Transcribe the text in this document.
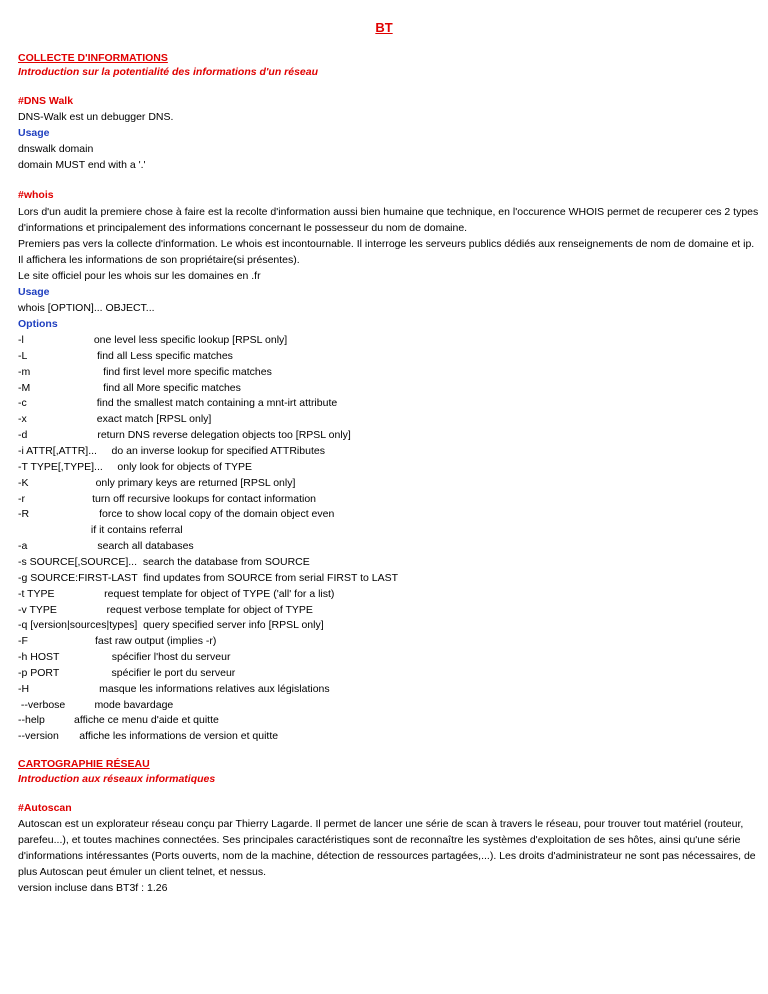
BT
COLLECTE D'INFORMATIONS
Introduction sur la potentialité des informations d'un réseau
#DNS Walk
DNS-Walk est un debugger DNS.
Usage
dnswalk domain
domain MUST end with a '.'
#whois
Lors d'un audit la premiere chose à faire est la recolte d'information aussi bien humaine que technique, en l'occurence WHOIS permet de recuperer ces 2 types
d'informations et principalement des informations concernant le possesseur du nom de domaine.
Premiers pas vers la collecte d'information. Le whois est incontournable. Il interroge les serveurs publics dédiés aux renseignements de nom de domaine et ip.
Il affichera les informations de son propriétaire(si présentes).
Le site officiel pour les whois sur les domaines en .fr
Usage
whois [OPTION]... OBJECT...
Options
-l                        one level less specific lookup [RPSL only]
-L                        find all Less specific matches
-m                         find first level more specific matches
-M                         find all More specific matches
-c                        find the smallest match containing a mnt-irt attribute
-x                        exact match [RPSL only]
-d                        return DNS reverse delegation objects too [RPSL only]
-i ATTR[,ATTR]...     do an inverse lookup for specified ATTRibutes
-T TYPE[,TYPE]...     only look for objects of TYPE
-K                       only primary keys are returned [RPSL only]
-r                       turn off recursive lookups for contact information
-R                        force to show local copy of the domain object even
if it contains referral
-a                        search all databases
-s SOURCE[,SOURCE]...  search the database from SOURCE
-g SOURCE:FIRST-LAST  find updates from SOURCE from serial FIRST to LAST
-t TYPE                 request template for object of TYPE ('all' for a list)
-v TYPE                 request verbose template for object of TYPE
-q [version|sources|types]  query specified server info [RPSL only]
-F                       fast raw output (implies -r)
-h HOST                  spécifier l'host du serveur
-p PORT                  spécifier le port du serveur
-H                        masque les informations relatives aux législations
--verbose          mode bavardage
--help          affiche ce menu d'aide et quitte
--version       affiche les informations de version et quitte
CARTOGRAPHIE RÉSEAU
Introduction aux réseaux informatiques
#Autoscan
Autoscan est un explorateur réseau conçu par Thierry Lagarde. Il permet de lancer une série de scan à travers le réseau, pour trouver tout matériel (routeur,
parefeu...), et toutes machines connectées. Ses principales caractéristiques sont de reconnaître les systèmes d'exploitation de ses hôtes, ainsi qu'une série
d'informations intéressantes (Ports ouverts, nom de la machine, détection de ressources partagées,...). Les droits d'administrateur ne sont pas nécessaires, de
plus Autoscan peut émuler un client telnet, et nessus.
version incluse dans BT3f : 1.26
